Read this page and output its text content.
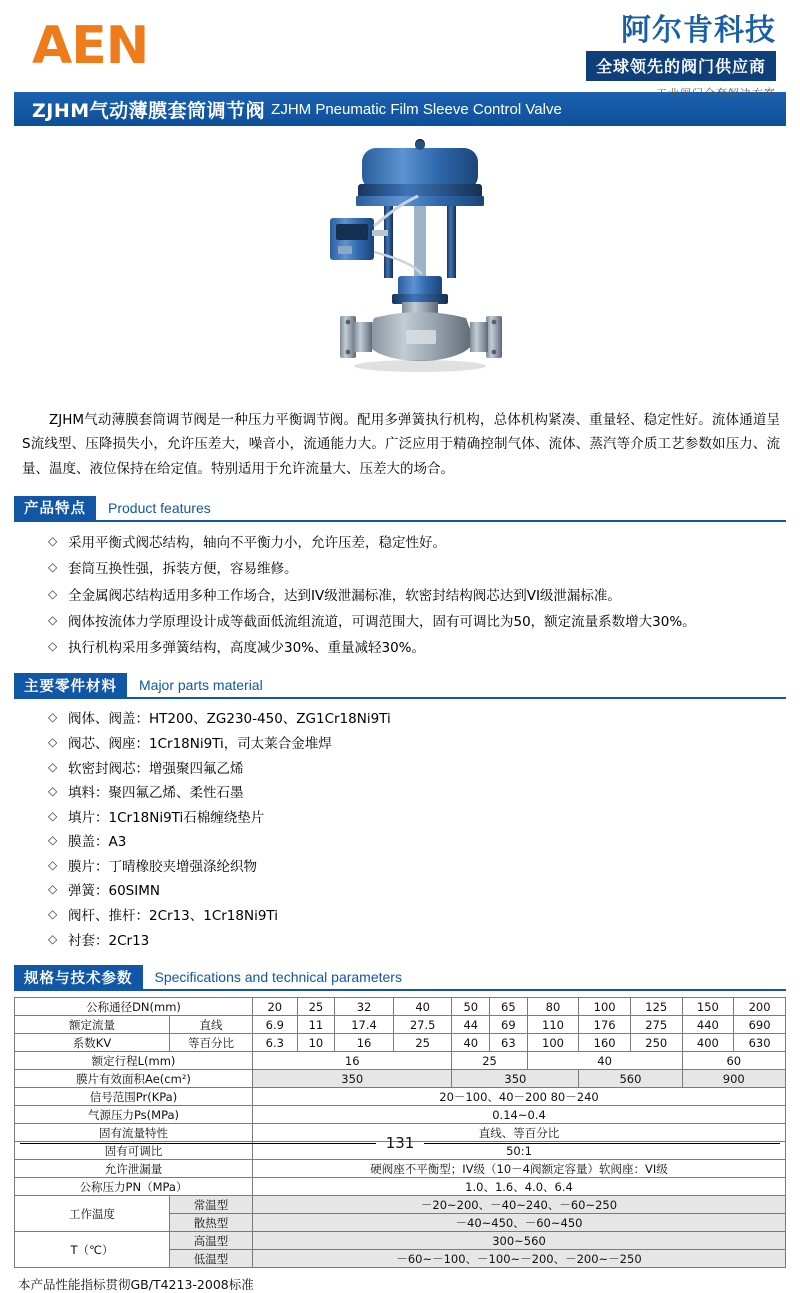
AEN	阿尔肯科技
全球领先的阀门供应商
工业阀门全套解决方案
ZJHM气动薄膜套筒调节阀 ZJHM Pneumatic Film Sleeve Control Valve

ZJHM气动薄膜套筒调节阀是一种压力平衡调节阀。配用多弹簧执行机构，总体机构紧凑、重量轻、稳定性好。流体通道呈S流线型、压降损失小，允许压差大，噪音小，流通能力大。广泛应用于精确控制气体、流体、蒸汽等介质工艺参数如压力、流量、温度、液位保持在给定值。特别适用于允许流量大、压差大的场合。

产品特点	Product features
◇ 采用平衡式阀芯结构，轴向不平衡力小，允许压差，稳定性好。
◇ 套筒互换性强，拆装方便，容易维修。
◇ 全金属阀芯结构适用多种工作场合，达到IV级泄漏标准，软密封结构阀芯达到VI级泄漏标准。
◇ 阀体按流体力学原理设计成等截面低流组流道，可调范围大，固有可调比为50，额定流量系数增大30%。
◇ 执行机构采用多弹簧结构，高度减少30%、重量减轻30%。
主要零件材料	Major parts material
◇ 阀体、阀盖：HT200、ZG230-450、ZG1Cr18Ni9Ti
◇ 阀芯、阀座：1Cr18Ni9Ti，司太莱合金堆焊
◇ 软密封阀芯：增强聚四氟乙烯
◇ 填料：聚四氟乙烯、柔性石墨
◇ 填片：1Cr18Ni9Ti石棉缠绕垫片
◇ 膜盖：A3
◇ 膜片：丁晴橡胶夹增强涤纶织物
◇ 弹簧：60SIMN
◇ 阀杆、推杆：2Cr13、1Cr18Ni9Ti
◇ 衬套：2Cr13
规格与技术参数	Specifications and technical parameters
公称通径DN(mm)		20	25	32	40	50	65	80	100	125	150	200
额定流量	直线	6.9	11	17.4	27.5	44	69	110	176	275	440	690
系数KV	等百分比	6.3	10	16	25	40	63	100	160	250	400	630
额定行程L(mm)		16				25		40			60	
膜片有效面积Ae(cm²)		350				350			560		900	
信号范围Pr(KPa)		20－100、40－200 80－240										
气源压力Ps(MPa)		0.14~0.4										
固有流量特性		直线、等百分比										
固有可调比		50:1										
允许泄漏量		硬阀座不平衡型；IV级（10－4阀额定容量）软阀座：VI级										
公称压力PN（MPa）		1.0、1.6、4.0、6.4										
工作温度	常温型	－20~200、－40~240、－60~250										
	散热型	－40~450、－60~450										
T（℃）	高温型	300~560										
	低温型	－60~－100、－100~－200、－200~－250										
本产品性能指标贯彻GB/T4213-2008标准
131
